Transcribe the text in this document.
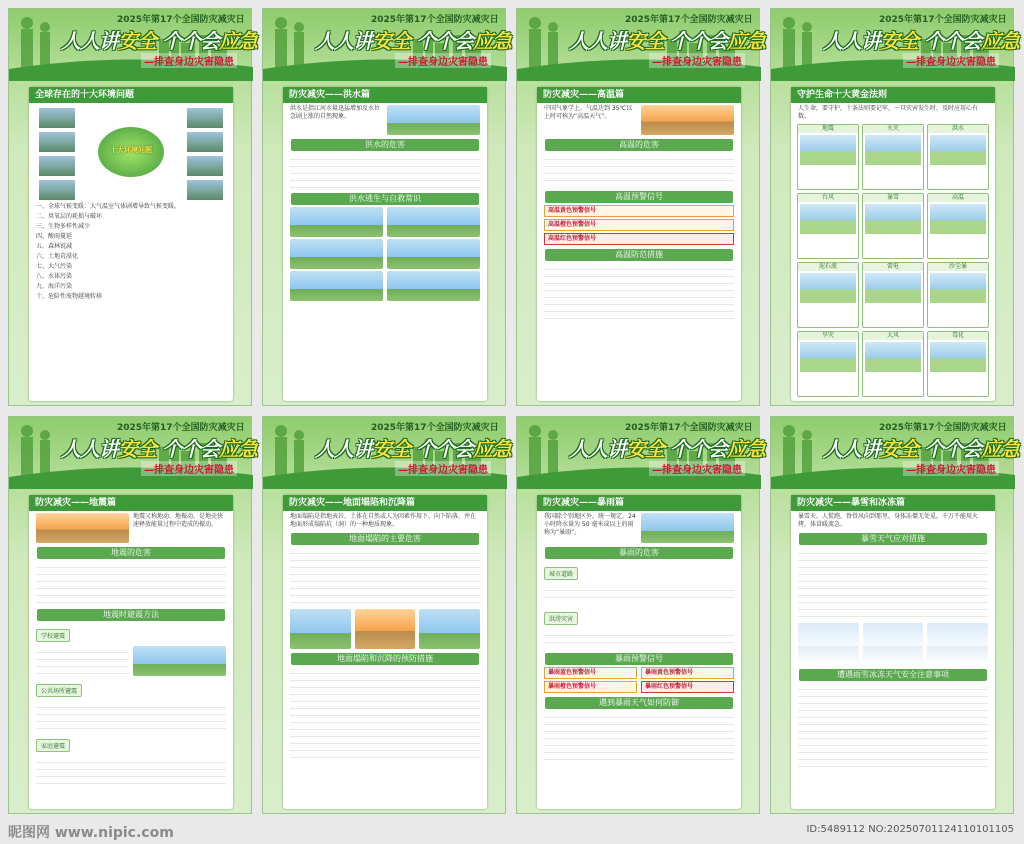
2025年第17个全国防灾减灾日
人人讲安全 个个会应急
—排查身边灾害隐患
全球存在的十大环境问题
十大环境问题
一、全球气候变暖：大气温室气体剧增导致气候变暖。
二、臭氧层的耗损与破坏
三、生物多样性减少
四、酸雨蔓延
五、森林锐减
六、土地荒漠化
七、大气污染
八、水体污染
九、海洋污染
十、危险性废物越境转移
2025年第17个全国防灾减灾日
人人讲安全 个个会应急
—排查身边灾害隐患
防灾减灾——洪水篇
洪水是指江河水量迅猛增加及水位急剧上涨的自然现象。
洪水的危害
洪水逃生与自救常识
2025年第17个全国防灾减灾日
人人讲安全 个个会应急
—排查身边灾害隐患
防灾减灾——高温篇
中国气象学上，气温达到 35℃以上时可称为“高温天气”。
高温的危害
高温预警信号
高温黄色预警信号
高温橙色预警信号
高温红色预警信号
高温防范措施
2025年第17个全国防灾减灾日
人人讲安全 个个会应急
—排查身边灾害隐患
守护生命十大黄金法则
人生命，要守护，十条法则要记牢，一旦灾害发生时，及时应用心有数。
地震	火灾	洪水
台风	暴雪	高温
泥石流	雷电	沙尘暴
旱灾	大风	毒化
2025年第17个全国防灾减灾日
人人讲安全 个个会应急
—排查身边灾害隐患
防灾减灾——地震篇
地震又称地动、地振动，是地壳快速释放能量过程中造成的振动。
地震的危害
地震时避震方法
学校避震
公共场所避震
家庭避震
2025年第17个全国防灾减灾日
人人讲安全 个个会应急
—排查身边灾害隐患
防灾减灾——地面塌陷和沉降篇
地面塌陷是指地表岩、土体在自然或人为因素作用下，向下陷落，并在地面形成塌陷坑（洞）的一种地质现象。
地面塌陷的主要危害
地面塌陷和沉降的预防措施
2025年第17个全国防灾减灾日
人人讲安全 个个会应急
—排查身边灾害隐患
防灾减灾——暴雨篇
我国除个别地区外，统一规定，24 小时降水量为 50 毫米或以上的雨称为“暴雨”。
暴雨的危害
城市道路
洪涝灾害
暴雨预警信号
暴雨蓝色预警信号	暴雨黄色预警信号
暴雨橙色预警信号	暴雨红色预警信号
遇到暴雨天气如何防御
2025年第17个全国防灾减灾日
人人讲安全 个个会应急
—排查身边灾害隐患
防灾减灾——暴雪和冰冻篇
暴雪天，人慌跑，脊骨风向到那里，身体冻僵无处觅，千万不能用火烤，体冒暖流急。
暴雪天气应对措施
遭遇雨雪冰冻天气安全注意事项
昵图网 www.nipic.com	ID:5489112 NO:20250701124110101105
